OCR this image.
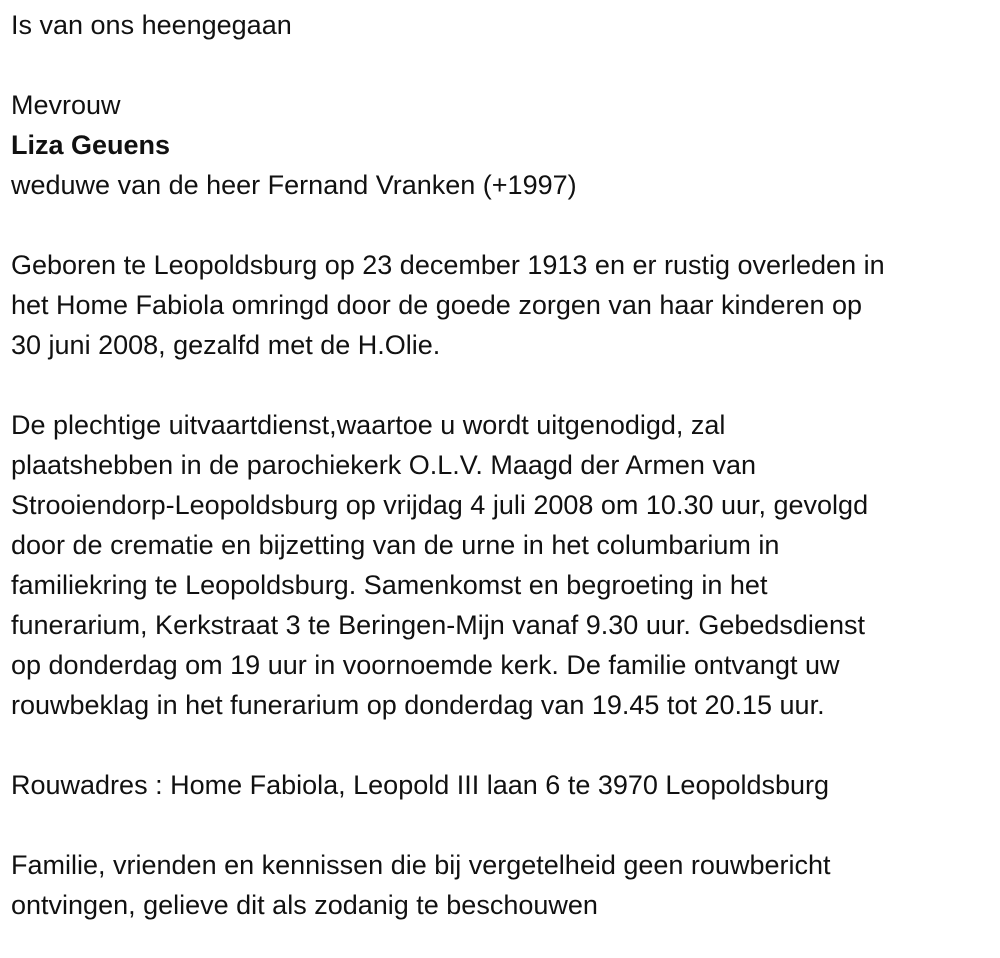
Is van ons heengegaan
Mevrouw
Liza Geuens
weduwe van de heer Fernand Vranken (+1997)
Geboren te Leopoldsburg op 23 december 1913 en er rustig overleden in
het Home Fabiola omringd door de goede zorgen van haar kinderen op
30 juni 2008, gezalfd met de H.Olie.
De plechtige uitvaartdienst,waartoe u wordt uitgenodigd, zal
plaatshebben in de parochiekerk O.L.V. Maagd der Armen van
Strooiendorp-Leopoldsburg op vrijdag 4 juli 2008 om 10.30 uur, gevolgd
door de crematie en bijzetting van de urne in het columbarium in
familiekring te Leopoldsburg. Samenkomst en begroeting in het
funerarium, Kerkstraat 3 te Beringen-Mijn vanaf 9.30 uur. Gebedsdienst
op donderdag om 19 uur in voornoemde kerk. De familie ontvangt uw
rouwbeklag in het funerarium op donderdag van 19.45 tot 20.15 uur.
Rouwadres : Home Fabiola, Leopold III laan 6 te 3970 Leopoldsburg
Familie, vrienden en kennissen die bij vergetelheid geen rouwbericht
ontvingen, gelieve dit als zodanig te beschouwen
